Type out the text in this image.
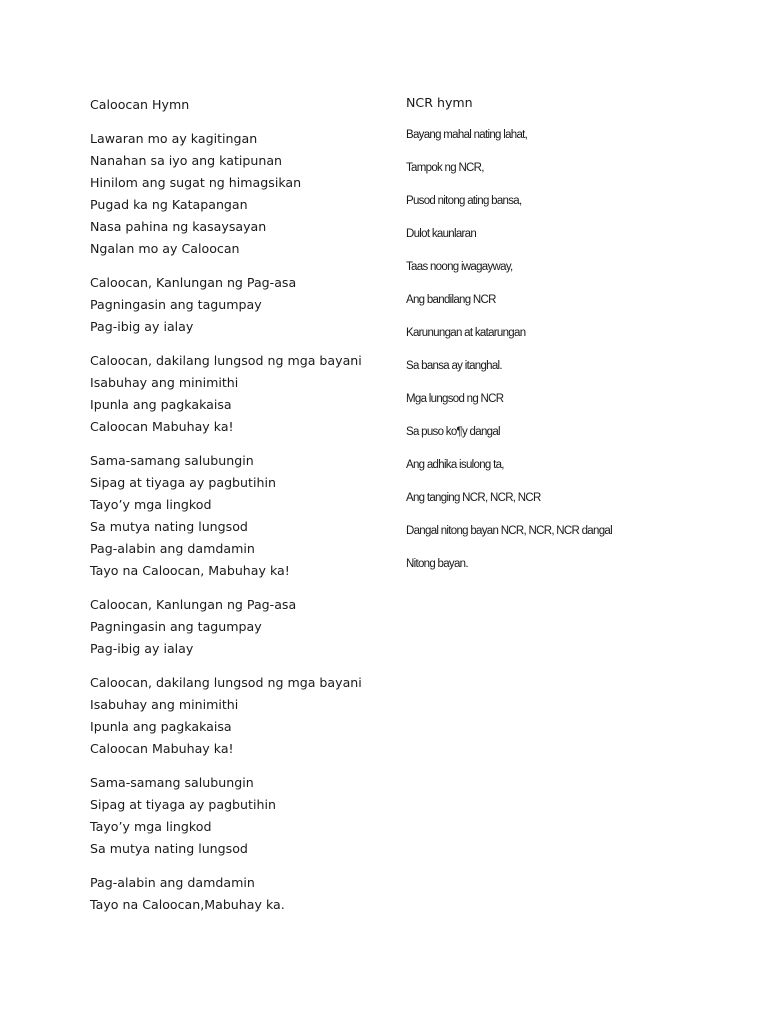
Caloocan Hymn
Lawaran mo ay kagitingan
Nanahan sa iyo ang katipunan
Hinilom ang sugat ng himagsikan
Pugad ka ng Katapangan
Nasa pahina ng kasaysayan
Ngalan mo ay Caloocan
Caloocan, Kanlungan ng Pag-asa
Pagningasin ang tagumpay
Pag-ibig ay ialay
Caloocan, dakilang lungsod ng mga bayani
Isabuhay ang minimithi
Ipunla ang pagkakaisa
Caloocan Mabuhay ka!
Sama-samang salubungin
Sipag at tiyaga ay pagbutihin
Tayo’y mga lingkod
Sa mutya nating lungsod
Pag-alabin ang damdamin
Tayo na Caloocan, Mabuhay ka!
Caloocan, Kanlungan ng Pag-asa
Pagningasin ang tagumpay
Pag-ibig ay ialay
Caloocan, dakilang lungsod ng mga bayani
Isabuhay ang minimithi
Ipunla ang pagkakaisa
Caloocan Mabuhay ka!
Sama-samang salubungin
Sipag at tiyaga ay pagbutihin
Tayo’y mga lingkod
Sa mutya nating lungsod
Pag-alabin ang damdamin
Tayo na Caloocan,Mabuhay ka.
NCR hymn
Bayang mahal nating lahat,
Tampok ng NCR,
Pusod nitong ating bansa,
Dulot kaunlaran
Taas noong iwagayway,
Ang bandilang NCR
Karunungan at katarungan
Sa bansa ay itanghal.
Mga lungsod ng NCR
Sa puso ko¶y dangal
Ang adhika isulong ta,
Ang tanging NCR, NCR, NCR
Dangal nitong bayan NCR, NCR, NCR dangal
Nitong bayan.
